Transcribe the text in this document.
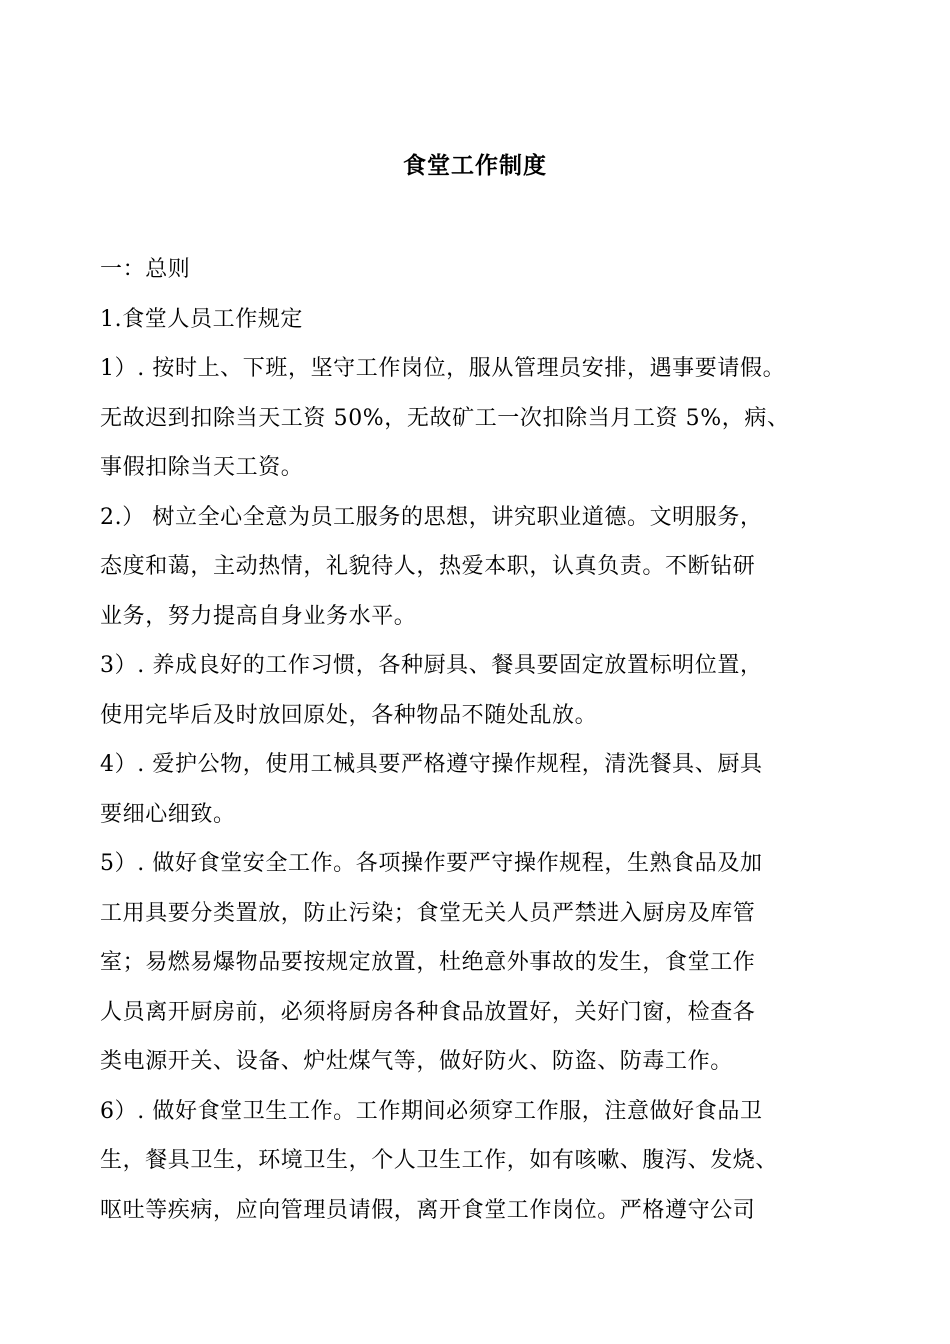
食堂工作制度
一：总则
1.食堂人员工作规定
1）. 按时上、下班，坚守工作岗位，服从管理员安排，遇事要请假。
无故迟到扣除当天工资 50%，无故矿工一次扣除当月工资 5%，病、
事假扣除当天工资。
2.） 树立全心全意为员工服务的思想，讲究职业道德。文明服务，
态度和蔼，主动热情，礼貌待人，热爱本职，认真负责。不断钻研
业务，努力提高自身业务水平。
3）. 养成良好的工作习惯，各种厨具、餐具要固定放置标明位置，
使用完毕后及时放回原处，各种物品不随处乱放。
4）. 爱护公物，使用工械具要严格遵守操作规程，清洗餐具、厨具
要细心细致。
5）. 做好食堂安全工作。各项操作要严守操作规程，生熟食品及加
工用具要分类置放，防止污染；食堂无关人员严禁进入厨房及库管
室；易燃易爆物品要按规定放置，杜绝意外事故的发生，食堂工作
人员离开厨房前，必须将厨房各种食品放置好，关好门窗，检查各
类电源开关、设备、炉灶煤气等，做好防火、防盗、防毒工作。
6）. 做好食堂卫生工作。工作期间必须穿工作服，注意做好食品卫
生，餐具卫生，环境卫生，个人卫生工作，如有咳嗽、腹泻、发烧、
呕吐等疾病，应向管理员请假，离开食堂工作岗位。严格遵守公司
